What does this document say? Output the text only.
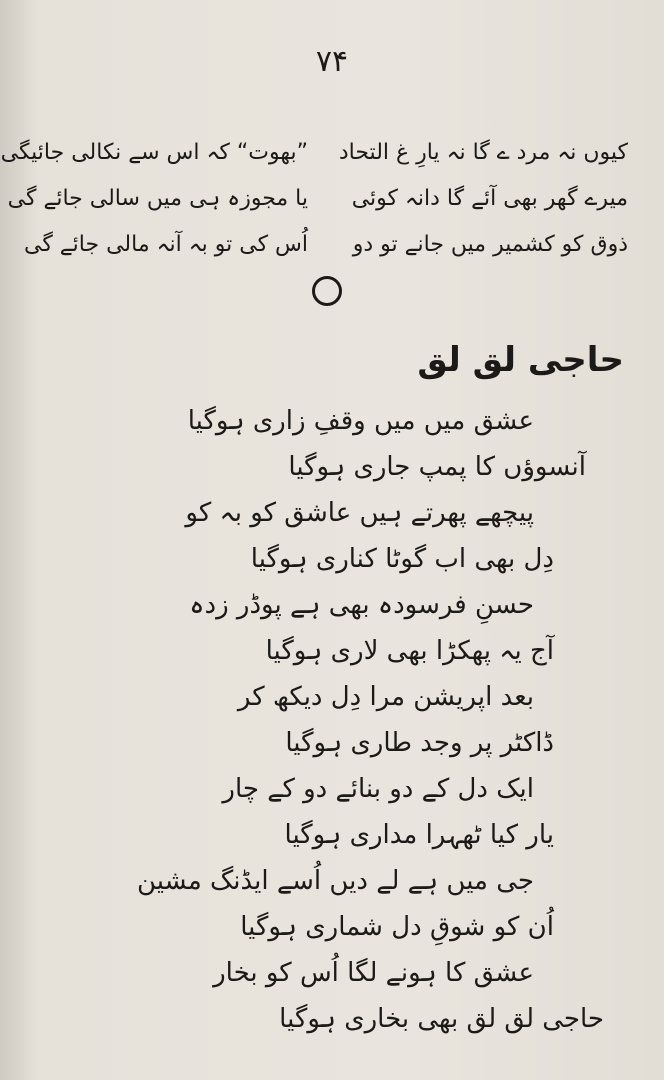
۷۴
کیوں نہ مرد ے گا نہ یارِ غ التحاد
میرے گھر بھی آئے گا دانہ کوئی
ذوق کو کشمیر میں جانے تو دو
”بھوت“ کہ اس سے نکالی جائیگی
یا مجوزہ ہی میں سالی جائے گی
اُس کی تو بہ آنہ مالی جائے گی
حاجی لق لق
عشق میں میں وقفِ زاری ہوگیا
آنسوؤں کا پمپ جاری ہوگیا
پیچھے پھرتے ہیں عاشق کو بہ کو
دِل بھی اب گوٹا کناری ہوگیا
حسنِ فرسودہ بھی ہے پوڈر زدہ
آج یہ پھکڑا بھی لاری ہوگیا
بعد اپریشن مرا دِل دیکھ کر
ڈاکٹر پر وجد طاری ہوگیا
ایک دل کے دو بنائے دو کے چار
یار کیا ٹھہرا مداری ہوگیا
جی میں ہے لے دیں اُسے ایڈنگ مشین
اُن کو شوقِ دل شماری ہوگیا
عشق کا ہونے لگا اُس کو بخار
حاجی لق لق بھی بخاری ہوگیا
